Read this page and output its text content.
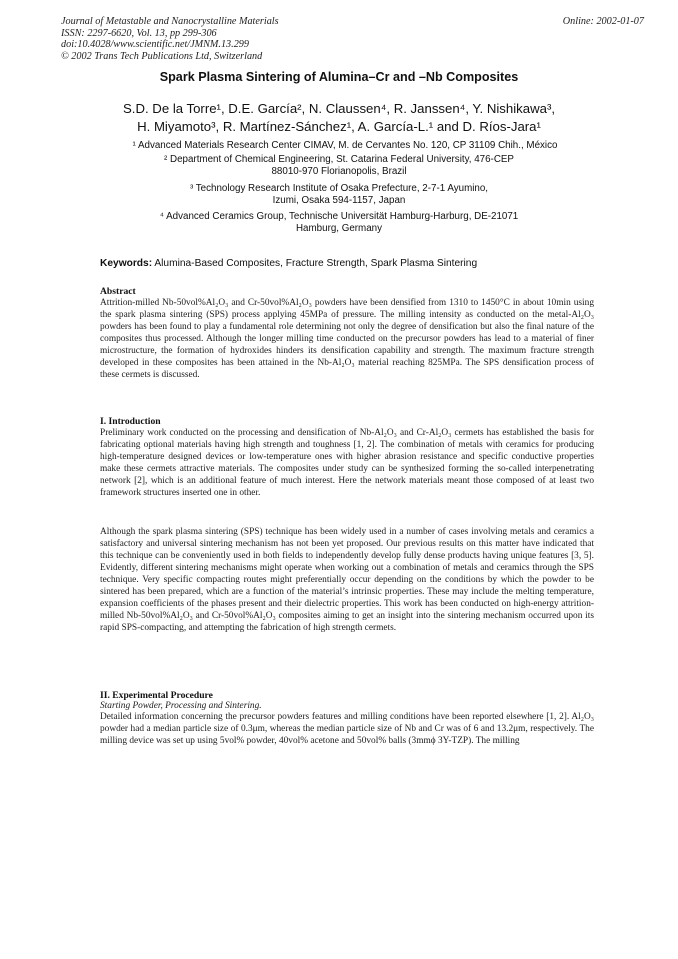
Journal of Metastable and Nanocrystalline Materials
ISSN: 2297-6620, Vol. 13, pp 299-306
doi:10.4028/www.scientific.net/JMNM.13.299
© 2002 Trans Tech Publications Ltd, Switzerland
Online: 2002-01-07
Spark Plasma Sintering of Alumina–Cr and –Nb Composites
S.D. De la Torre¹, D.E. García², N. Claussen⁴, R. Janssen⁴, Y. Nishikawa³,
H. Miyamoto³, R. Martínez-Sánchez¹, A. García-L.¹ and D. Ríos-Jara¹
¹ Advanced Materials Research Center CIMAV, M. de Cervantes No. 120, CP 31109 Chih., México
² Department of Chemical Engineering, St. Catarina Federal University, 476-CEP 88010-970 Florianopolis, Brazil
³ Technology Research Institute of Osaka Prefecture, 2-7-1 Ayumino, Izumi, Osaka 594-1157, Japan
⁴ Advanced Ceramics Group, Technische Universität Hamburg-Harburg, DE-21071 Hamburg, Germany
Keywords: Alumina-Based Composites, Fracture Strength, Spark Plasma Sintering

Abstract

Attrition-milled Nb-50vol%Al₂O₃ and Cr-50vol%Al₂O₃ powders have been densified from 1310 to 1450°C in about 10min using the spark plasma sintering (SPS) process applying 45MPa of pressure. The milling intensity as conducted on the metal-Al₂O₃ powders has been found to play a fundamental role determining not only the degree of densification but also the final nature of the composites thus processed. Although the longer milling time conducted on the precursor powders has lead to a material of finer microstructure, the formation of hydroxides hinders its densification capability and strength. The maximum fracture strength developed in these composites has been attained in the Nb-Al₂O₃ material reaching 825MPa. The SPS densification process of these cermets is discussed.

I. Introduction

Preliminary work conducted on the processing and densification of Nb-Al₂O₃ and Cr-Al₂O₃ cermets has established the basis for fabricating optional materials having high strength and toughness [1, 2]. The combination of metals with ceramics for producing high-temperature designed devices or low-temperature ones with higher abrasion resistance and specific conductive properties make these cermets attractive materials. The composites under study can be synthesized forming the so-called interpenetrating network [2], which is an additional feature of much interest. Here the network materials meant those composed of at least two framework structures inserted one in other.

Although the spark plasma sintering (SPS) technique has been widely used in a number of cases involving metals and ceramics a satisfactory and universal sintering mechanism has not been yet proposed. Our previous results on this matter have indicated that this technique can be conveniently used in both fields to independently develop fully dense products having unique features [3, 5]. Evidently, different sintering mechanisms might operate when working out a combination of metals and ceramics through the SPS technique. Very specific compacting routes might preferentially occur depending on the conditions by which the powder to be sintered has been prepared, which are a function of the material’s intrinsic properties. These may include the melting temperature, expansion coefficients of the phases present and their dielectric properties. This work has been conducted on high-energy attrition-milled Nb-50vol%Al₂O₃ and Cr-50vol%Al₂O₃ composites aiming to get an insight into the sintering mechanism occurred upon its rapid SPS-compacting, and attempting the fabrication of high strength cermets.

II. Experimental Procedure

Starting Powder, Processing and Sintering.

Detailed information concerning the precursor powders features and milling conditions have been reported elsewhere [1, 2]. Al₂O₃ powder had a median particle size of 0.3μm, whereas the median particle size of Nb and Cr was of 6 and 13.2μm, respectively. The milling device was set up using 5vol% powder, 40vol% acetone and 50vol% balls (3mmϕ 3Y-TZP). The milling
